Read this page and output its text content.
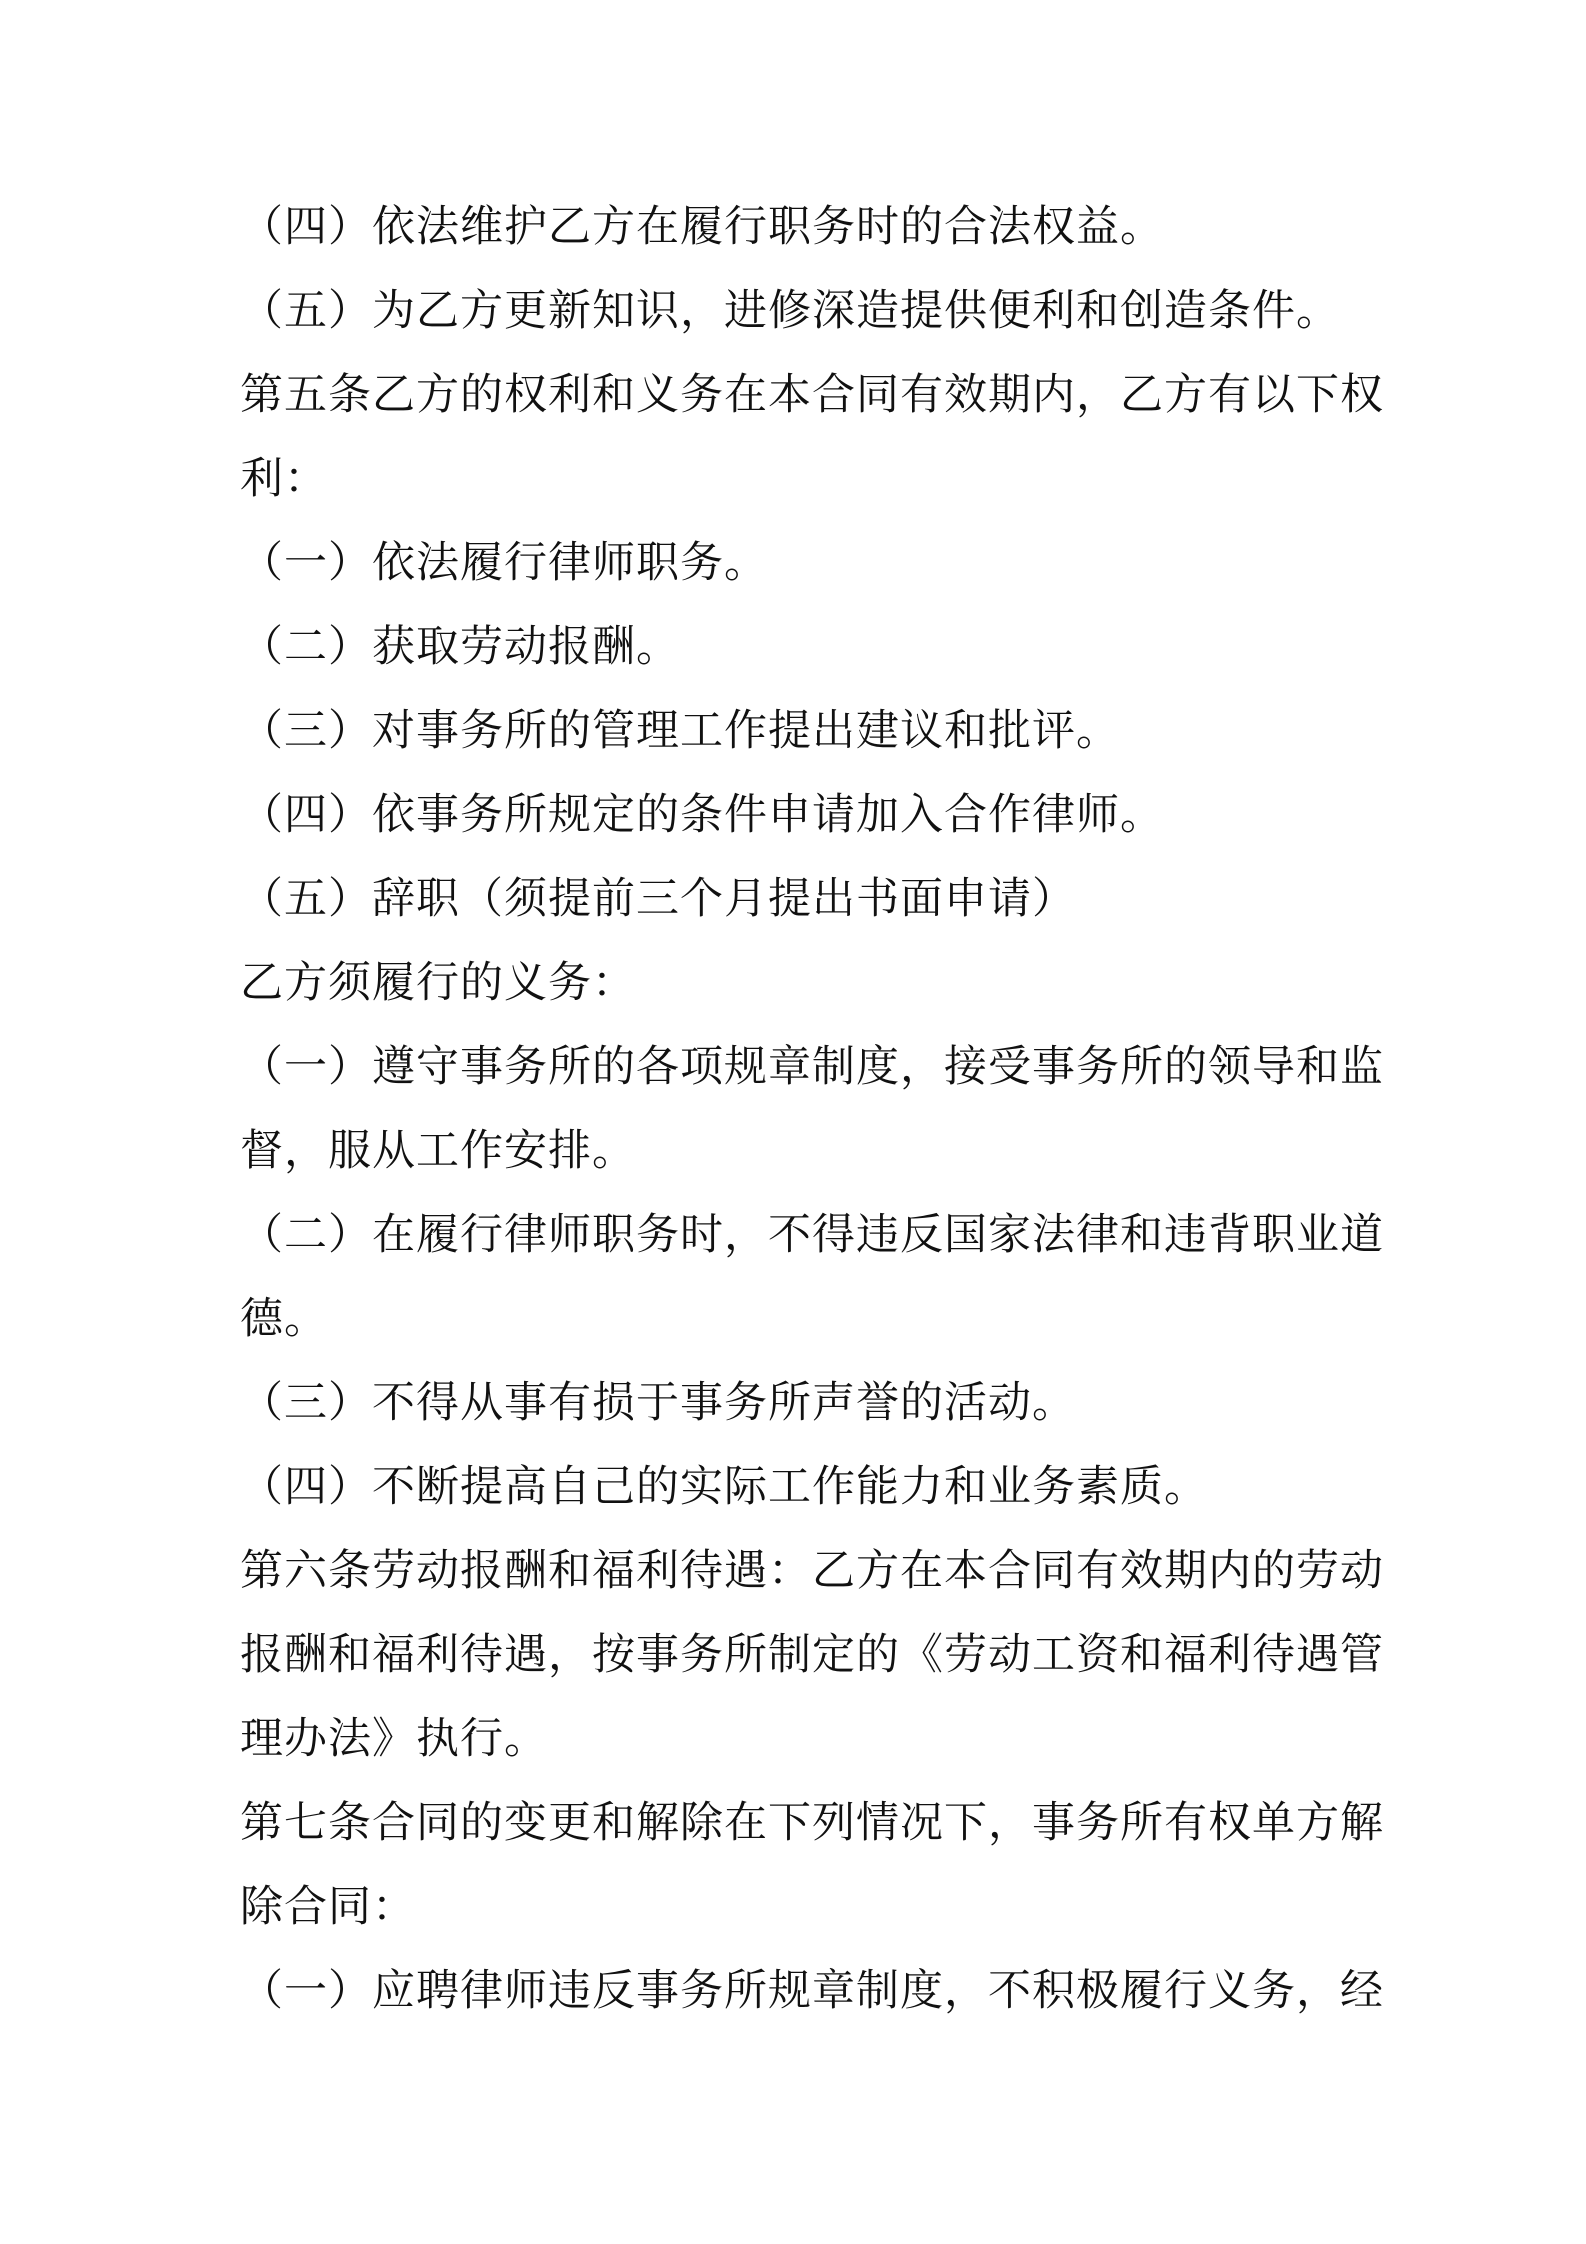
（四）依法维护乙方在履行职务时的合法权益。
（五）为乙方更新知识，进修深造提供便利和创造条件。
第 五 条 乙 方 的 权 利 和 义 务 在 本 合 同 有 效 期 内 ， 乙 方 有 以 下 权
利：
（一）依法履行律师职务。
（二）获取劳动报酬。
（三）对事务所的管理工作提出建议和批评。
（四）依事务所规定的条件申请加入合作律师。
（五）辞职（须提前三个月提出书面申请）
乙方须履行的义务：
（ 一 ） 遵 守 事 务 所 的 各 项 规 章 制 度 ， 接 受 事 务 所 的 领 导 和 监
督，服从工作安排。
（ 二 ） 在 履 行 律 师 职 务 时 ， 不 得 违 反 国 家 法 律 和 违 背 职 业 道
德。
（三）不得从事有损于事务所声誉的活动。
（四）不断提高自己的实际工作能力和业务素质。
第 六 条 劳 动 报 酬 和 福 利 待 遇 ： 乙 方 在 本 合 同 有 效 期 内 的 劳 动
报 酬 和 福 利 待 遇 ， 按 事 务 所 制 定 的 《 劳 动 工 资 和 福 利 待 遇 管
理办法》执行。
第 七 条 合 同 的 变 更 和 解 除 在 下 列 情 况 下 ， 事 务 所 有 权 单 方 解
除合同：
（ 一 ） 应 聘 律 师 违 反 事 务 所 规 章 制 度 ， 不 积 极 履 行 义 务 ， 经
